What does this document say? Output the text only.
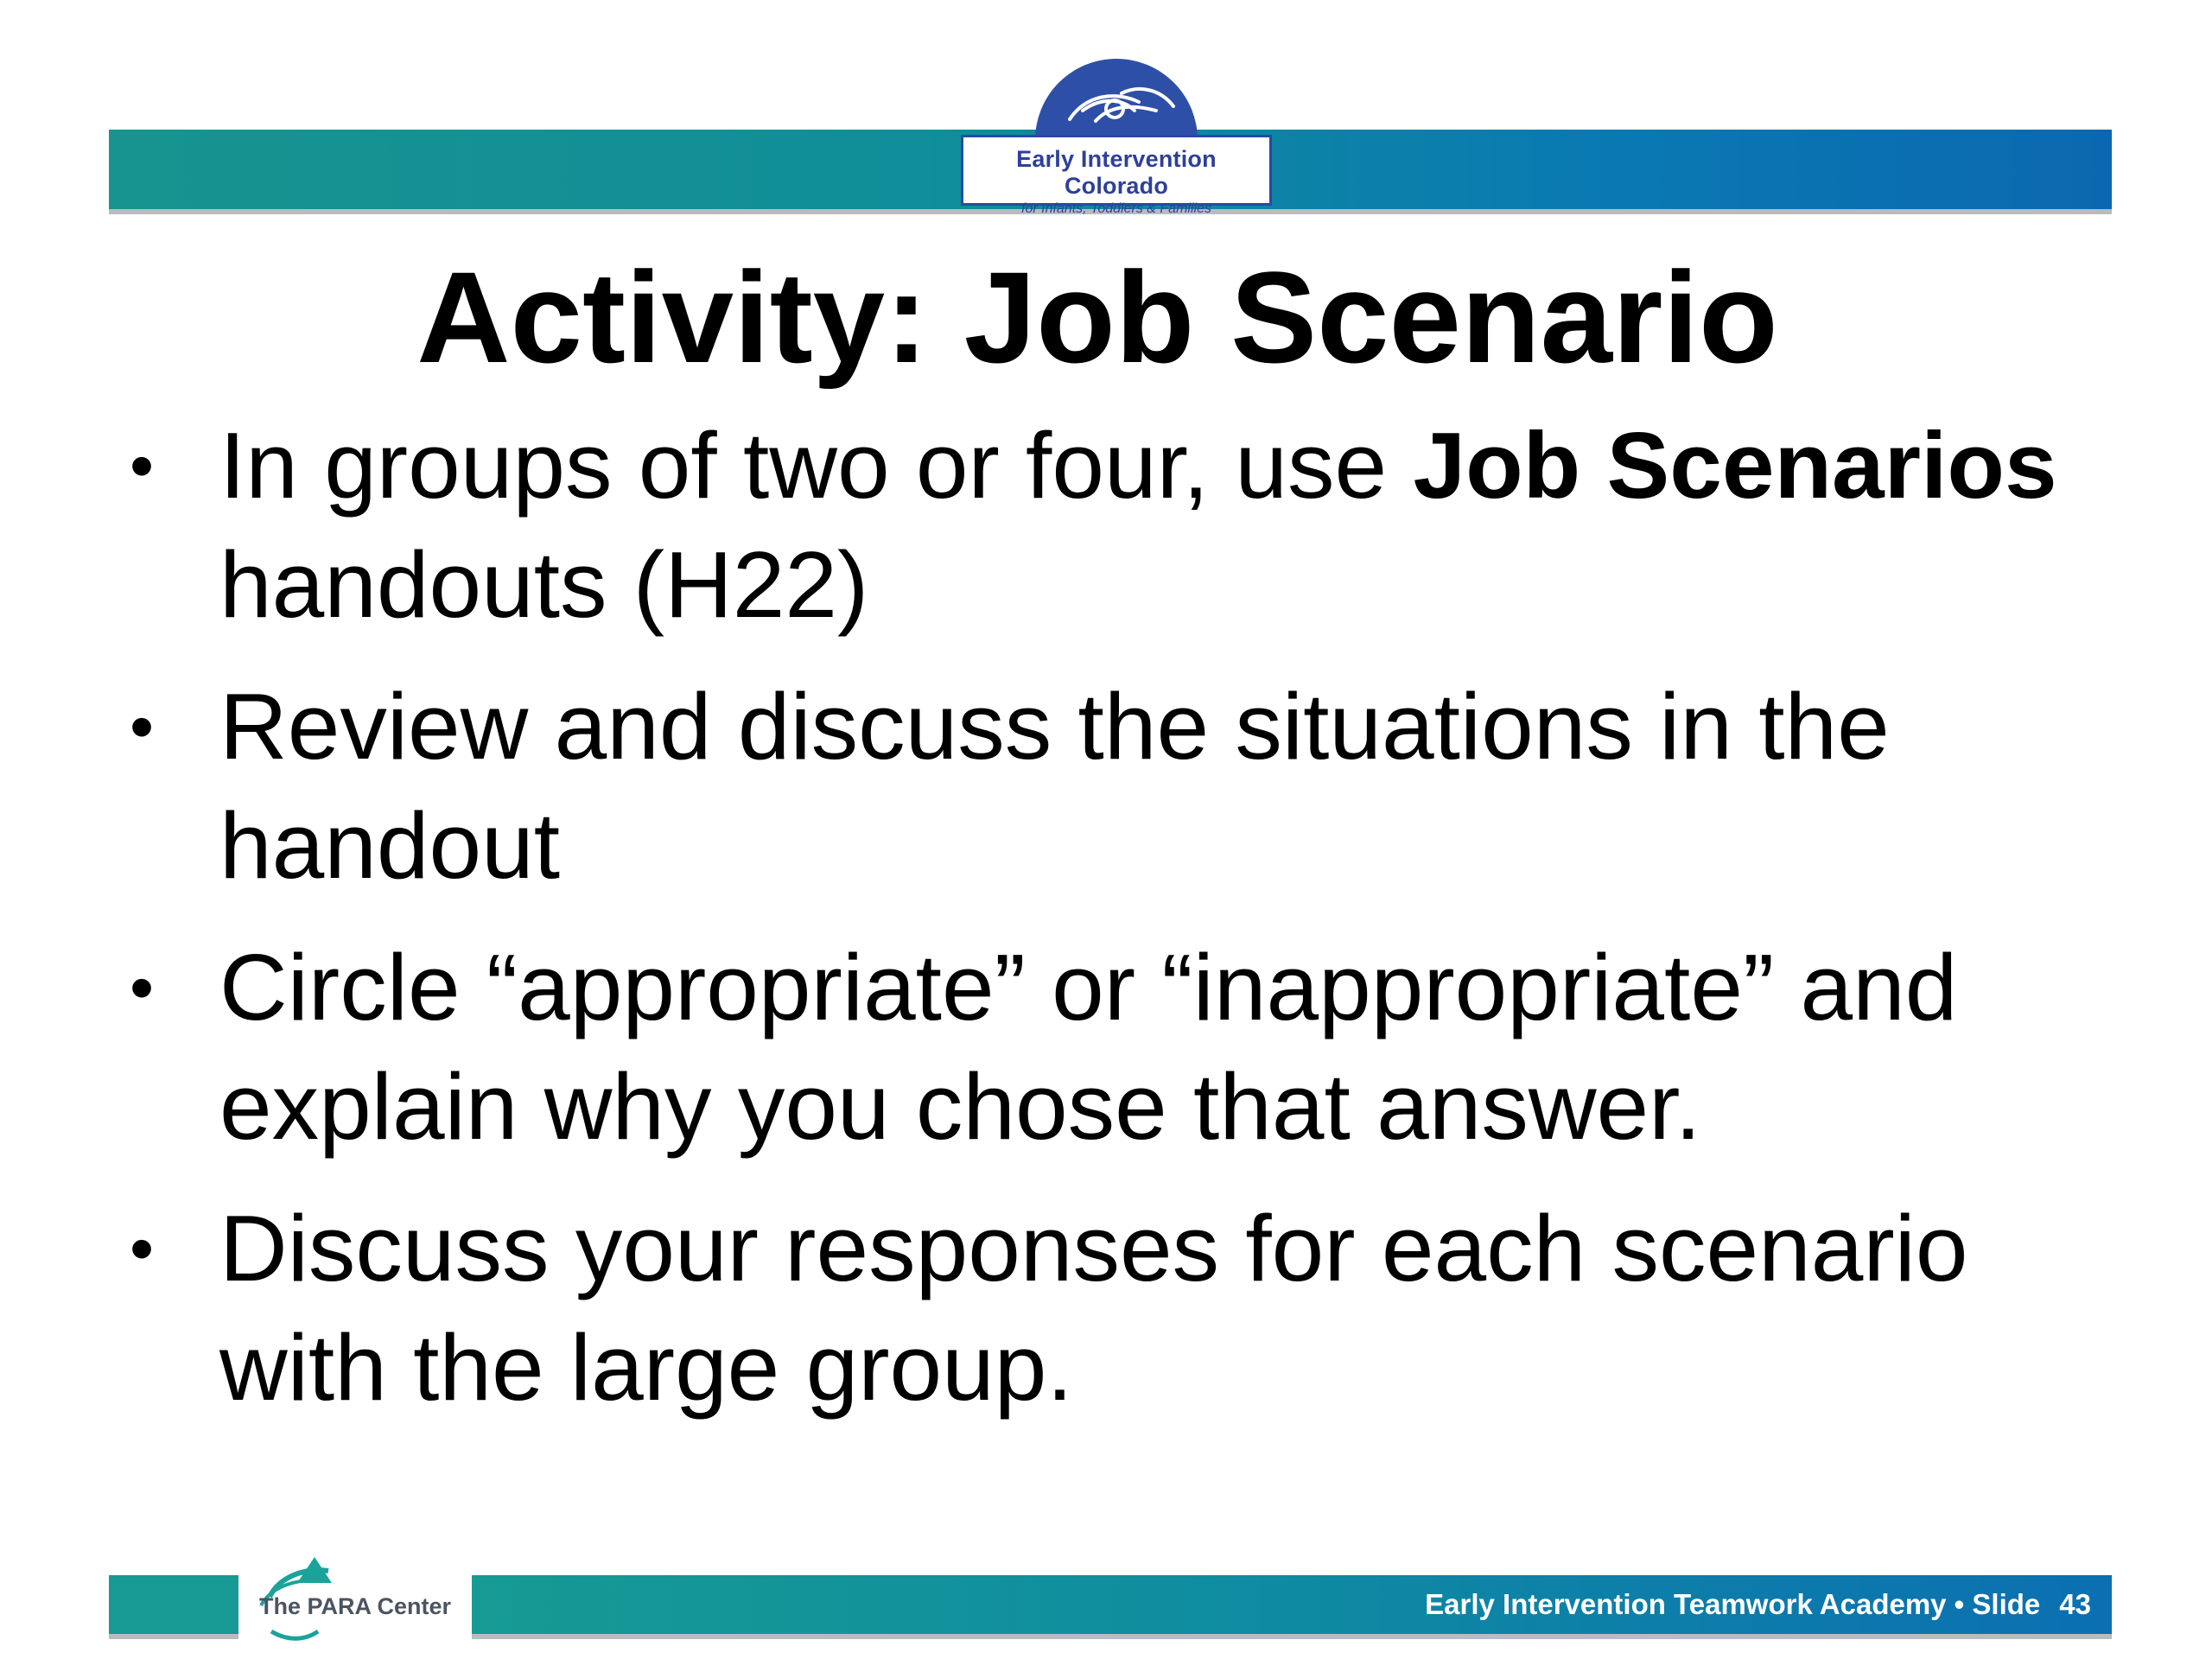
Early Intervention Colorado
for Infants, Toddlers & Families
Activity: Job Scenario
• In groups of two or four, use Job Scenarios handouts (H22)
• Review and discuss the situations in the handout
• Circle “appropriate” or “inappropriate” and explain why you chose that answer.
• Discuss your responses for each scenario with the large group.
The PARA Center	Early Intervention Teamwork Academy • Slide 43
